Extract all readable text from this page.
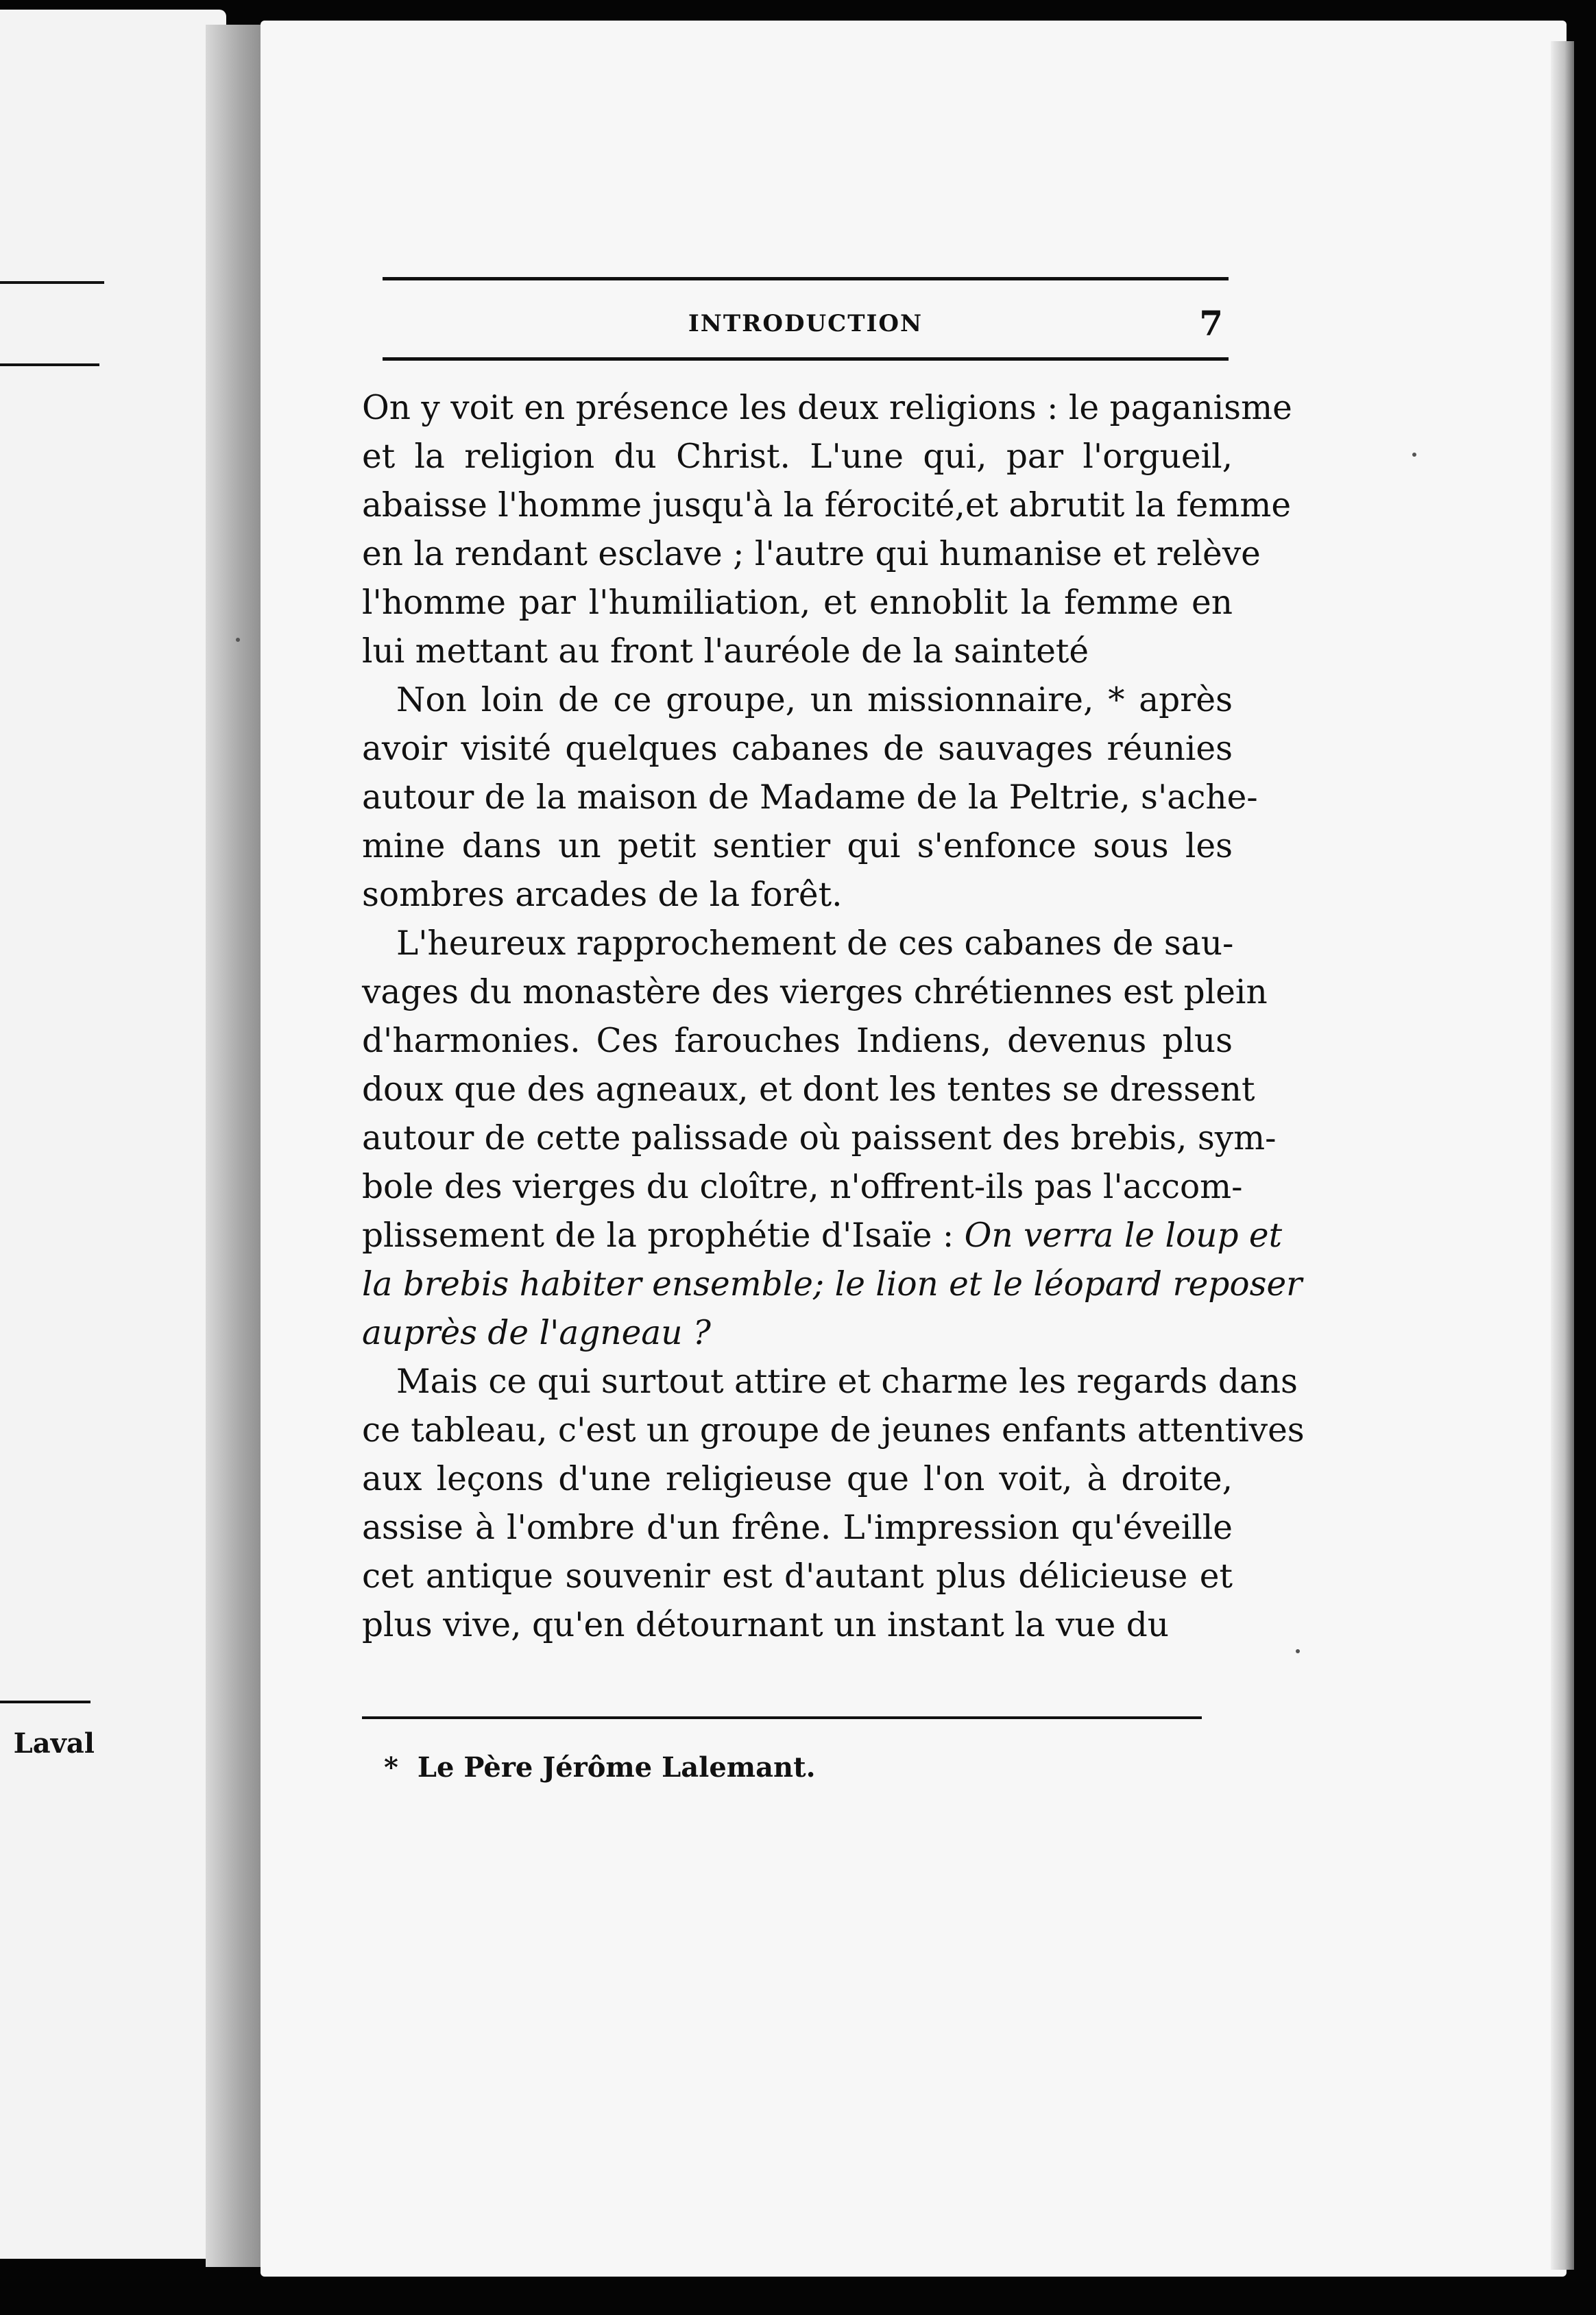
Laval
INTRODUCTION	7
On y voit en présence les deux religions : le paganisme et la religion du Christ. L'une qui, par l'orgueil, abaisse l'homme jusqu'à la férocité,et abrutit la femme en la rendant esclave ; l'autre qui humanise et relève l'homme par l'humiliation, et ennoblit la femme en lui mettant au front l'auréole de la sainteté
Non loin de ce groupe, un missionnaire, * après avoir visité quelques cabanes de sauvages réunies autour de la maison de Madame de la Peltrie, s'ache- mine dans un petit sentier qui s'enfonce sous les sombres arcades de la forêt.
L'heureux rapprochement de ces cabanes de sau- vages du monastère des vierges chrétiennes est plein d'harmonies. Ces farouches Indiens, devenus plus doux que des agneaux, et dont les tentes se dressent autour de cette palissade où paissent des brebis, sym- bole des vierges du cloître, n'offrent-ils pas l'accom- plissement de la prophétie d'Isaïe : On verra le loup et la brebis habiter ensemble; le lion et le léopard reposer auprès de l'agneau ?
Mais ce qui surtout attire et charme les regards dans ce tableau, c'est un groupe de jeunes enfants attentives aux leçons d'une religieuse que l'on voit, à droite, assise à l'ombre d'un frêne. L'impression qu'éveille cet antique souvenir est d'autant plus délicieuse et plus vive, qu'en détournant un instant la vue du
* Le Père Jérôme Lalemant.
